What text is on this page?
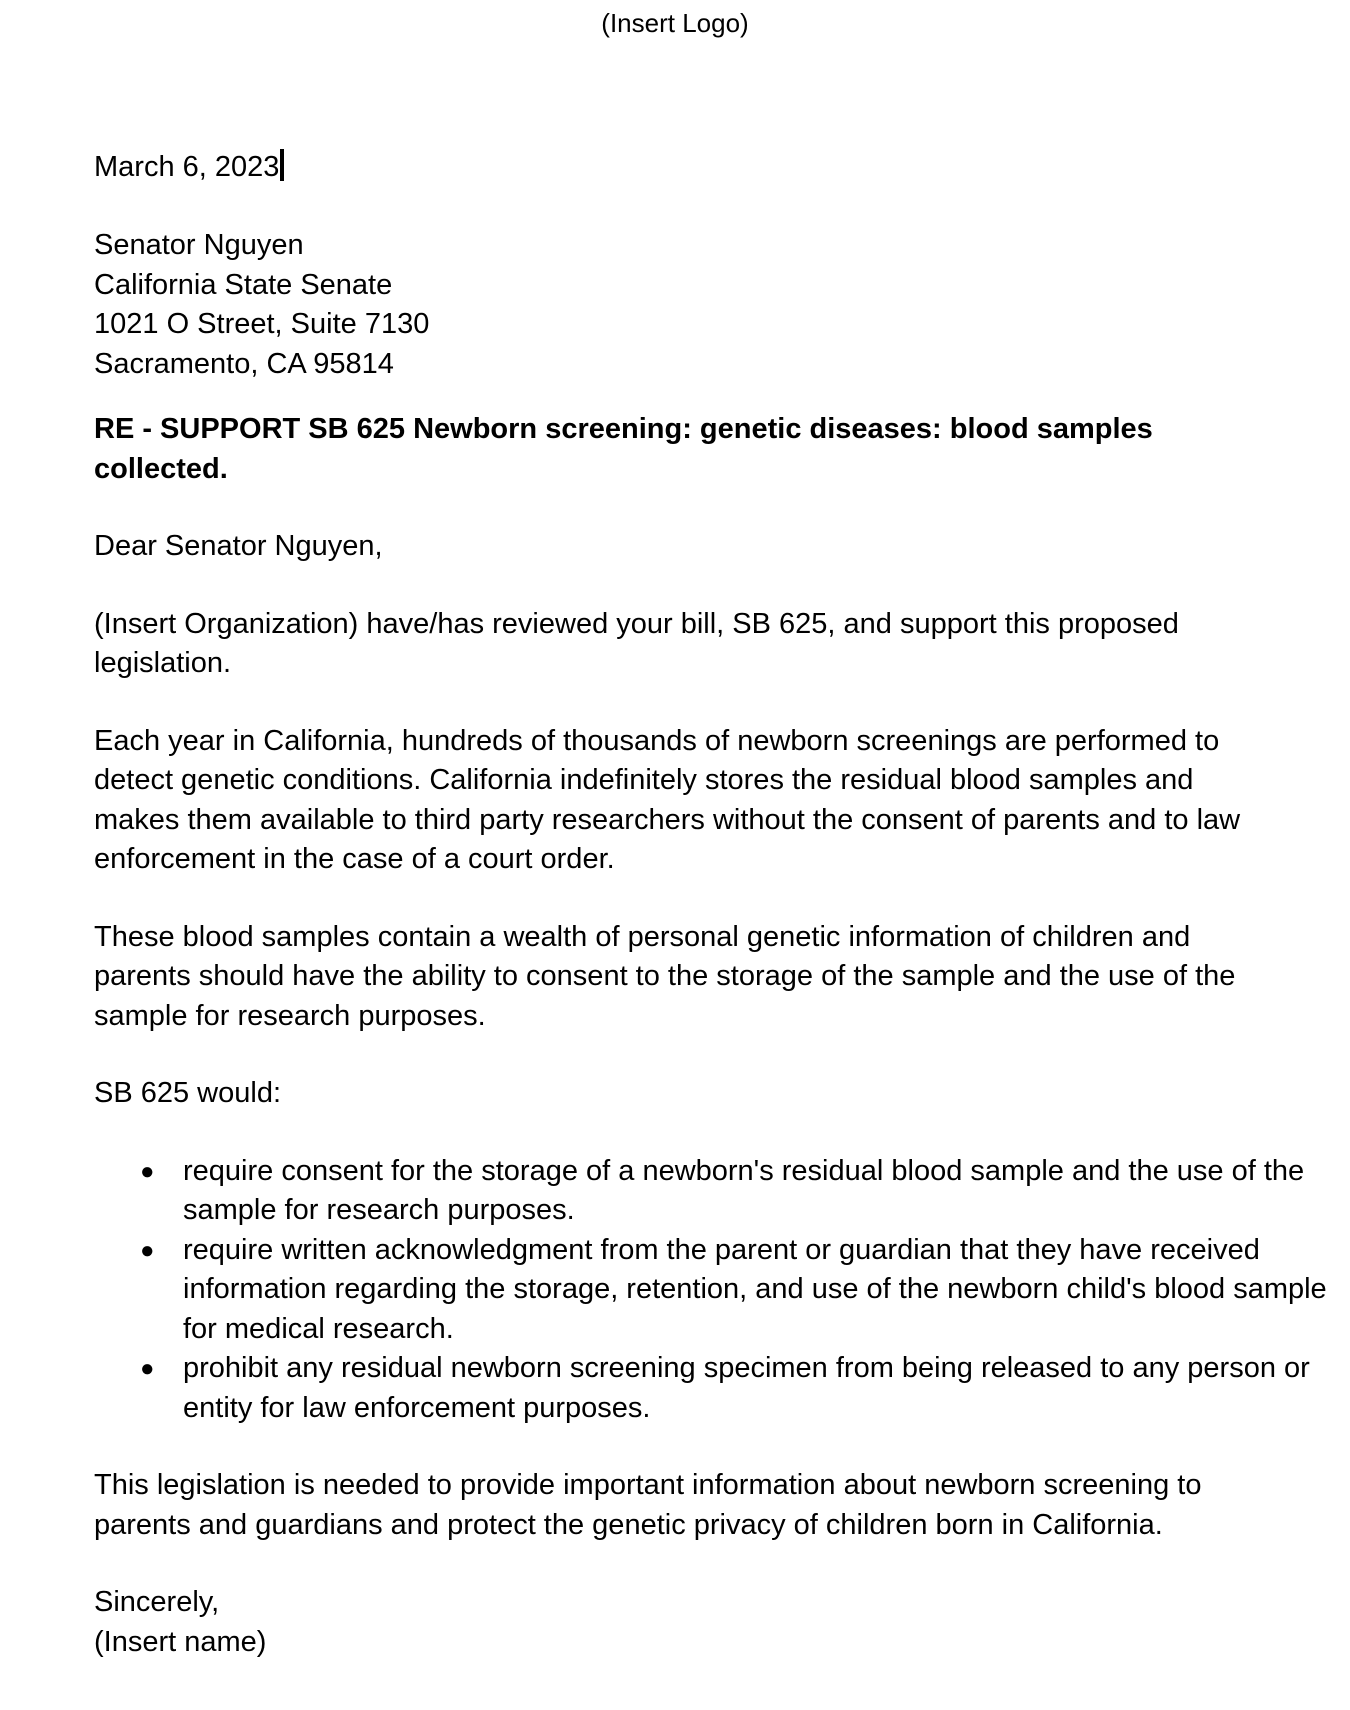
(Insert Logo)

March 6, 2023

Senator Nguyen

California State Senate

1021 O Street, Suite 7130

Sacramento, CA 95814

RE - SUPPORT SB 625 Newborn screening: genetic diseases: blood samples collected.

Dear Senator Nguyen,

(Insert Organization) have/has reviewed your bill, SB 625, and support this proposed legislation.

Each year in California, hundreds of thousands of newborn screenings are performed to detect genetic conditions. California indefinitely stores the residual blood samples and makes them available to third party researchers without the consent of parents and to law enforcement in the case of a court order.

These blood samples contain a wealth of personal genetic information of children and parents should have the ability to consent to the storage of the sample and the use of the sample for research purposes.

SB 625 would:

● require consent for the storage of a newborn's residual blood sample and the use of the sample for research purposes.
● require written acknowledgment from the parent or guardian that they have received information regarding the storage, retention, and use of the newborn child's blood sample for medical research.
● prohibit any residual newborn screening specimen from being released to any person or entity for law enforcement purposes.

This legislation is needed to provide important information about newborn screening to parents and guardians and protect the genetic privacy of children born in California.

Sincerely,

(Insert name)
